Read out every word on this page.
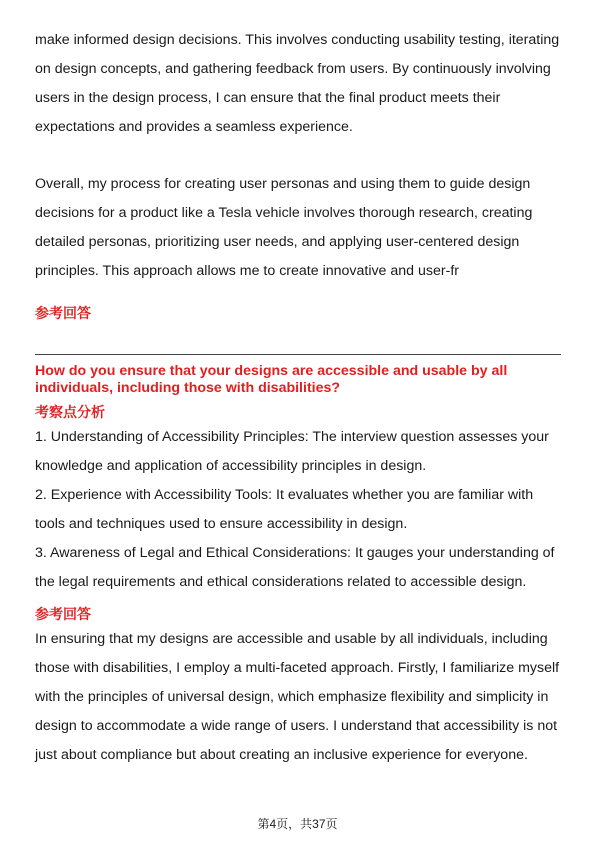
make informed design decisions. This involves conducting usability testing, iterating on design concepts, and gathering feedback from users. By continuously involving users in the design process, I can ensure that the final product meets their expectations and provides a seamless experience.

Overall, my process for creating user personas and using them to guide design decisions for a product like a Tesla vehicle involves thorough research, creating detailed personas, prioritizing user needs, and applying user-centered design principles. This approach allows me to create innovative and user-fr

参考回答

How do you ensure that your designs are accessible and usable by all individuals, including those with disabilities?

考察点分析

1. Understanding of Accessibility Principles: The interview question assesses your knowledge and application of accessibility principles in design.
2. Experience with Accessibility Tools: It evaluates whether you are familiar with tools and techniques used to ensure accessibility in design.
3. Awareness of Legal and Ethical Considerations: It gauges your understanding of the legal requirements and ethical considerations related to accessible design.

参考回答

In ensuring that my designs are accessible and usable by all individuals, including those with disabilities, I employ a multi-faceted approach. Firstly, I familiarize myself with the principles of universal design, which emphasize flexibility and simplicity in design to accommodate a wide range of users. I understand that accessibility is not just about compliance but about creating an inclusive experience for everyone.

第4页，共37页
